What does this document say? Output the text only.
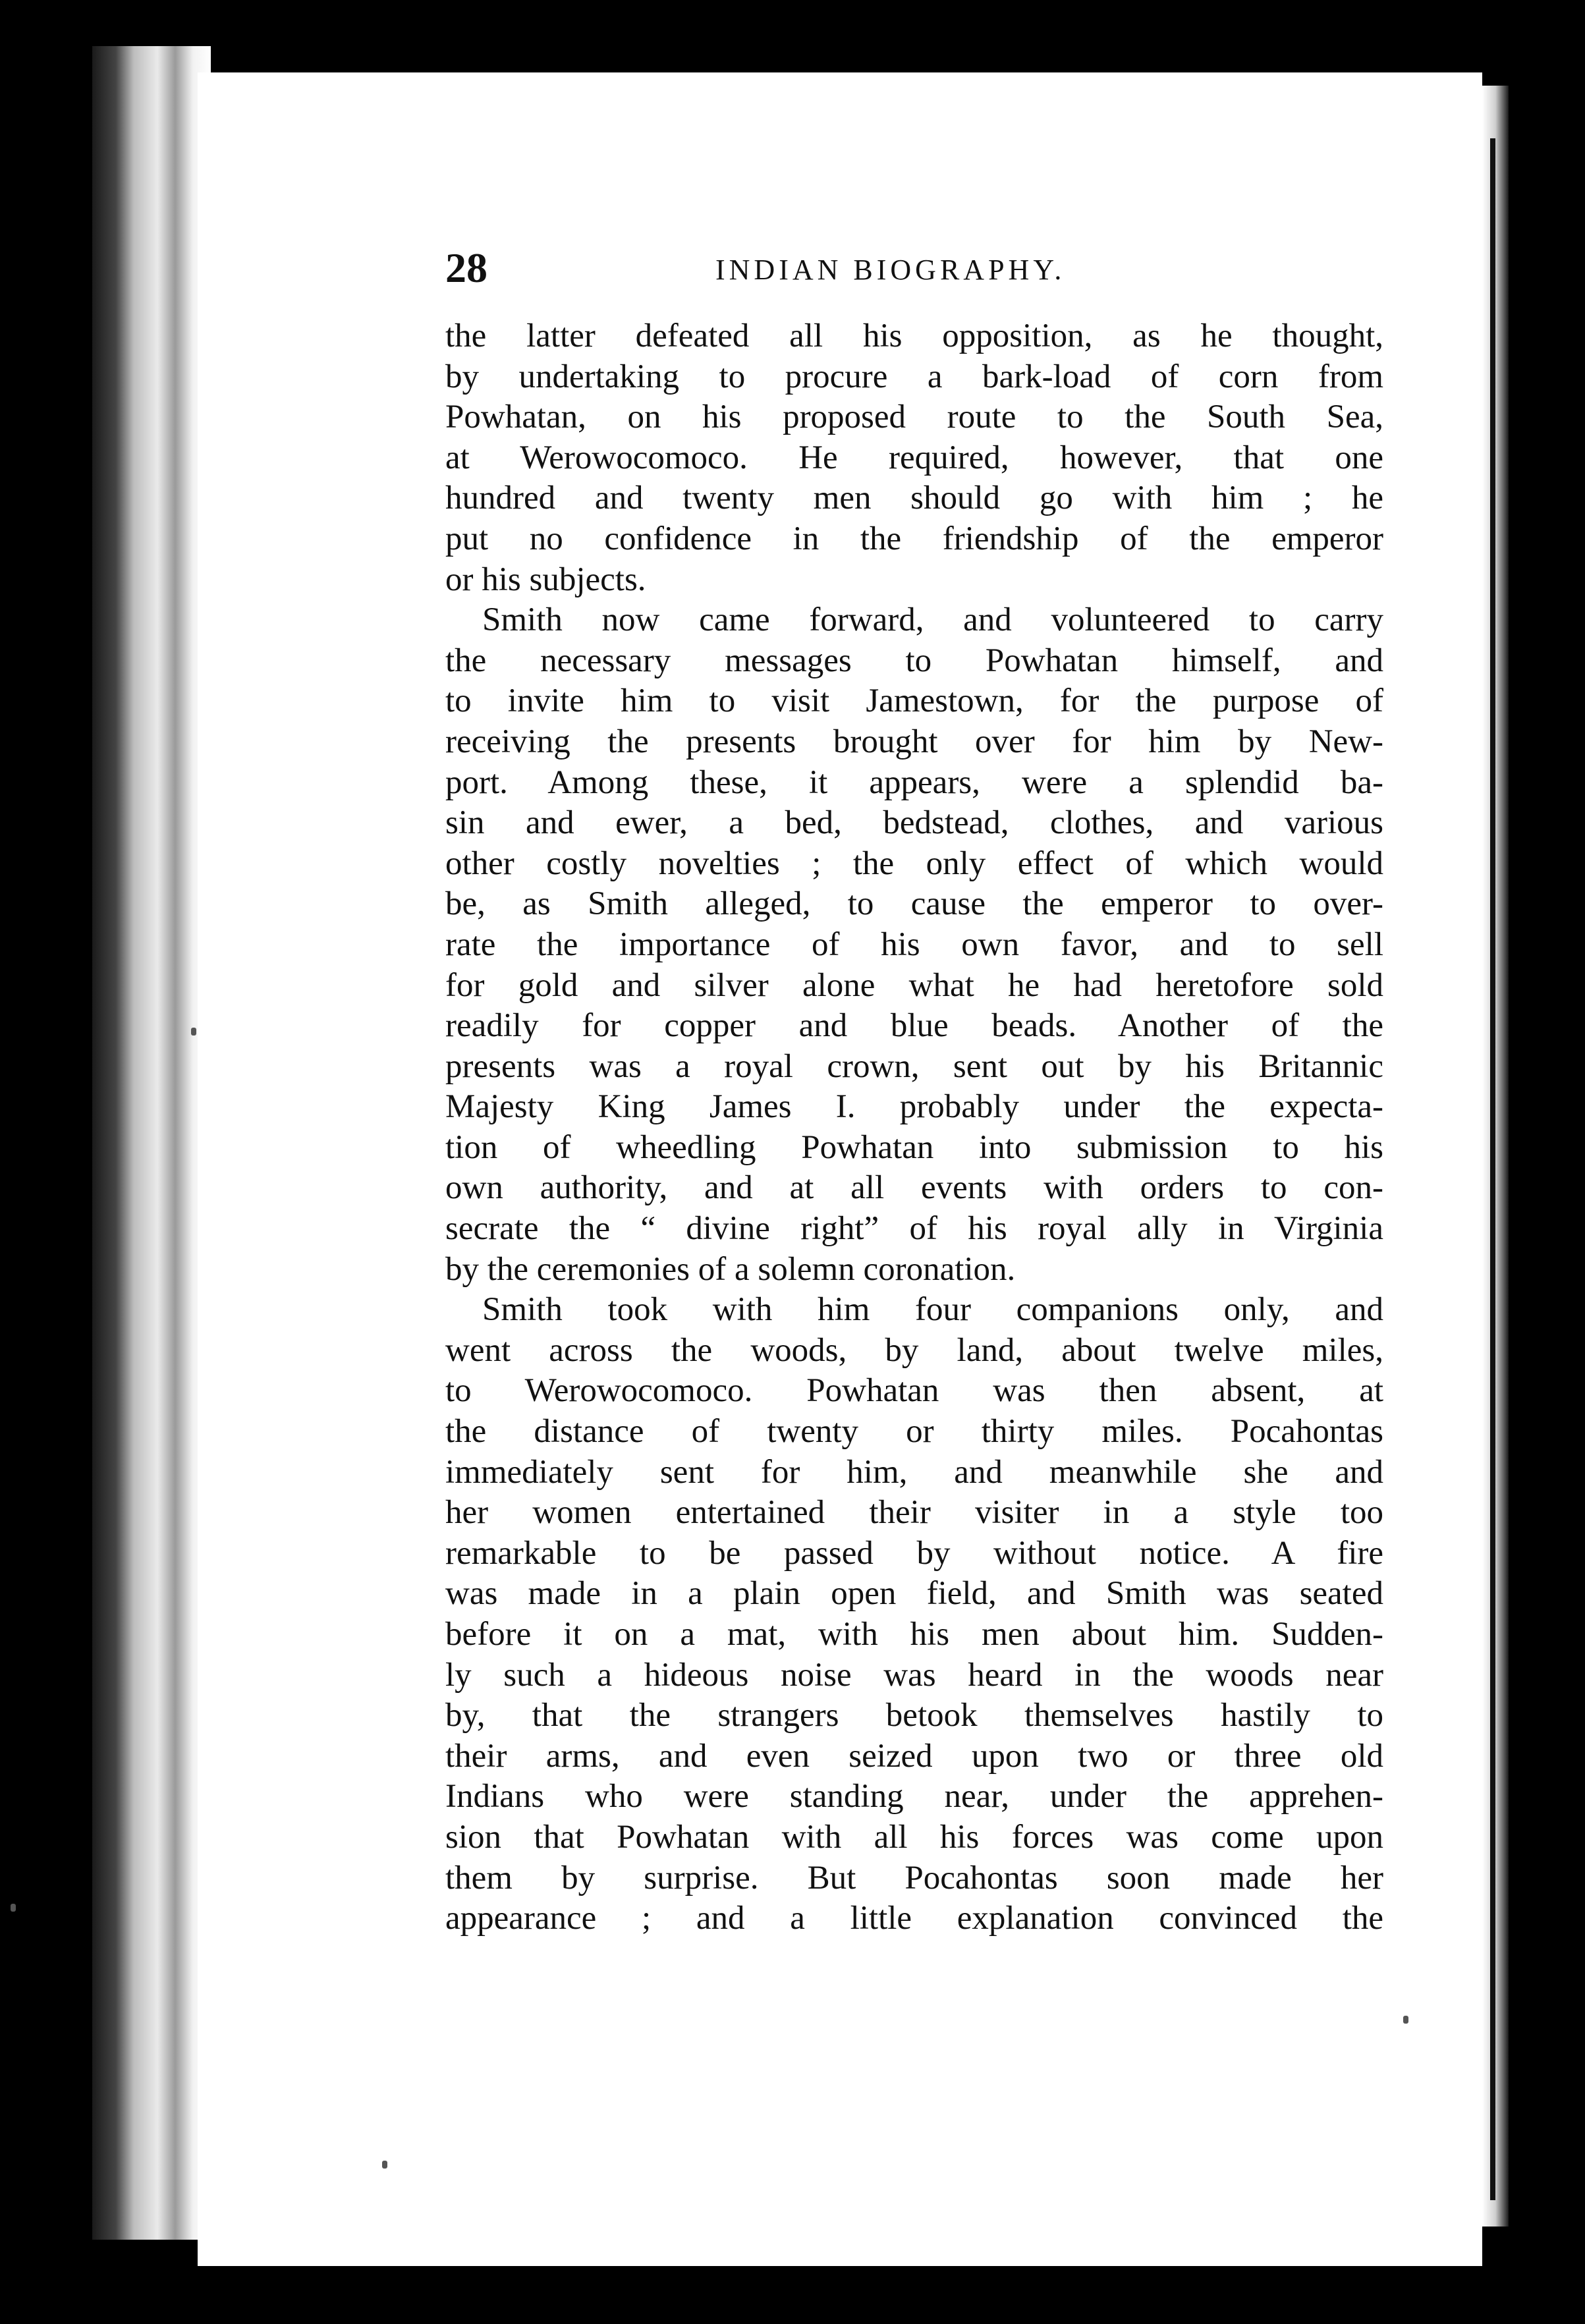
28	INDIAN BIOGRAPHY.
the latter defeated all his opposition, as he thought,
by undertaking to procure a bark-load of corn from
Powhatan, on his proposed route to the South Sea,
at Werowocomoco. He required, however, that one
hundred and twenty men should go with him ; he
put no confidence in the friendship of the emperor
or his subjects.
Smith now came forward, and volunteered to carry
the necessary messages to Powhatan himself, and
to invite him to visit Jamestown, for the purpose of
receiving the presents brought over for him by New-
port. Among these, it appears, were a splendid ba-
sin and ewer, a bed, bedstead, clothes, and various
other costly novelties ; the only effect of which would
be, as Smith alleged, to cause the emperor to over-
rate the importance of his own favor, and to sell
for gold and silver alone what he had heretofore sold
readily for copper and blue beads. Another of the
presents was a royal crown, sent out by his Britannic
Majesty King James I. probably under the expecta-
tion of wheedling Powhatan into submission to his
own authority, and at all events with orders to con-
secrate the “ divine right” of his royal ally in Virginia
by the ceremonies of a solemn coronation.
Smith took with him four companions only, and
went across the woods, by land, about twelve miles,
to Werowocomoco. Powhatan was then absent, at
the distance of twenty or thirty miles. Pocahontas
immediately sent for him, and meanwhile she and
her women entertained their visiter in a style too
remarkable to be passed by without notice. A fire
was made in a plain open field, and Smith was seated
before it on a mat, with his men about him. Sudden-
ly such a hideous noise was heard in the woods near
by, that the strangers betook themselves hastily to
their arms, and even seized upon two or three old
Indians who were standing near, under the apprehen-
sion that Powhatan with all his forces was come upon
them by surprise. But Pocahontas soon made her
appearance ; and a little explanation convinced the
